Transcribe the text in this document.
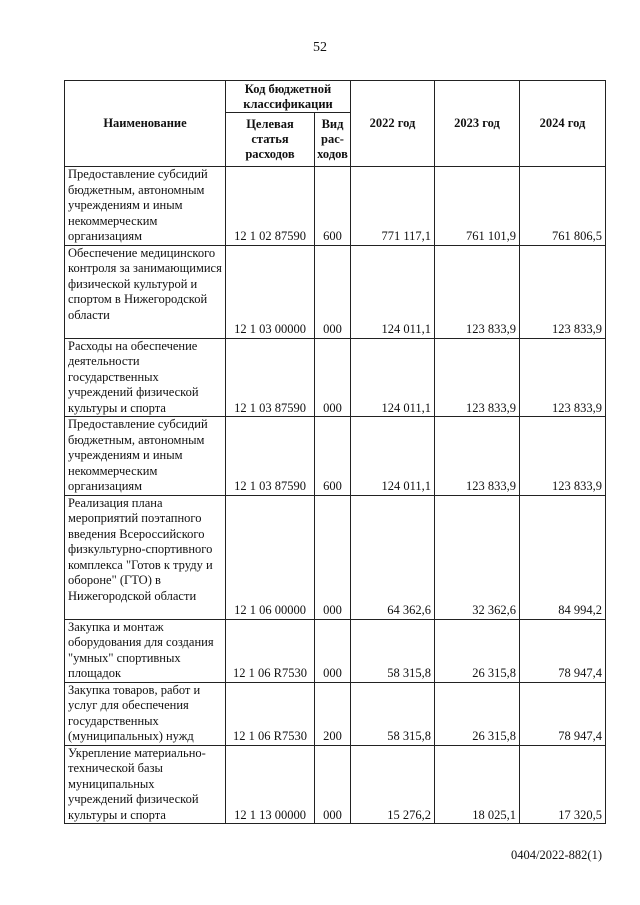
52
Наименование	Код бюджетной классификации		2022 год	2023 год	2024 год
	Целевая статья расходов	Вид рас-ходов			
Предоставление субсидий бюджетным, автономным учреждениям и иным некоммерческим организациям	12 1 02 87590	600	771 117,1	761 101,9	761 806,5
Обеспечение медицинского контроля за занимающимися физической культурой и спортом в Нижегородской области	12 1 03 00000	000	124 011,1	123 833,9	123 833,9
Расходы на обеспечение деятельности государственных учреждений физической культуры и спорта	12 1 03 87590	000	124 011,1	123 833,9	123 833,9
Предоставление субсидий бюджетным, автономным учреждениям и иным некоммерческим организациям	12 1 03 87590	600	124 011,1	123 833,9	123 833,9
Реализация плана мероприятий поэтапного введения Всероссийского физкультурно-спортивного комплекса "Готов к труду и обороне" (ГТО) в Нижегородской области	12 1 06 00000	000	64 362,6	32 362,6	84 994,2
Закупка и монтаж оборудования для создания "умных" спортивных площадок	12 1 06 R7530	000	58 315,8	26 315,8	78 947,4
Закупка товаров, работ и услуг для обеспечения государственных (муниципальных) нужд	12 1 06 R7530	200	58 315,8	26 315,8	78 947,4
Укрепление материально-технической базы муниципальных учреждений физической культуры и спорта	12 1 13 00000	000	15 276,2	18 025,1	17 320,5
0404/2022-882(1)
